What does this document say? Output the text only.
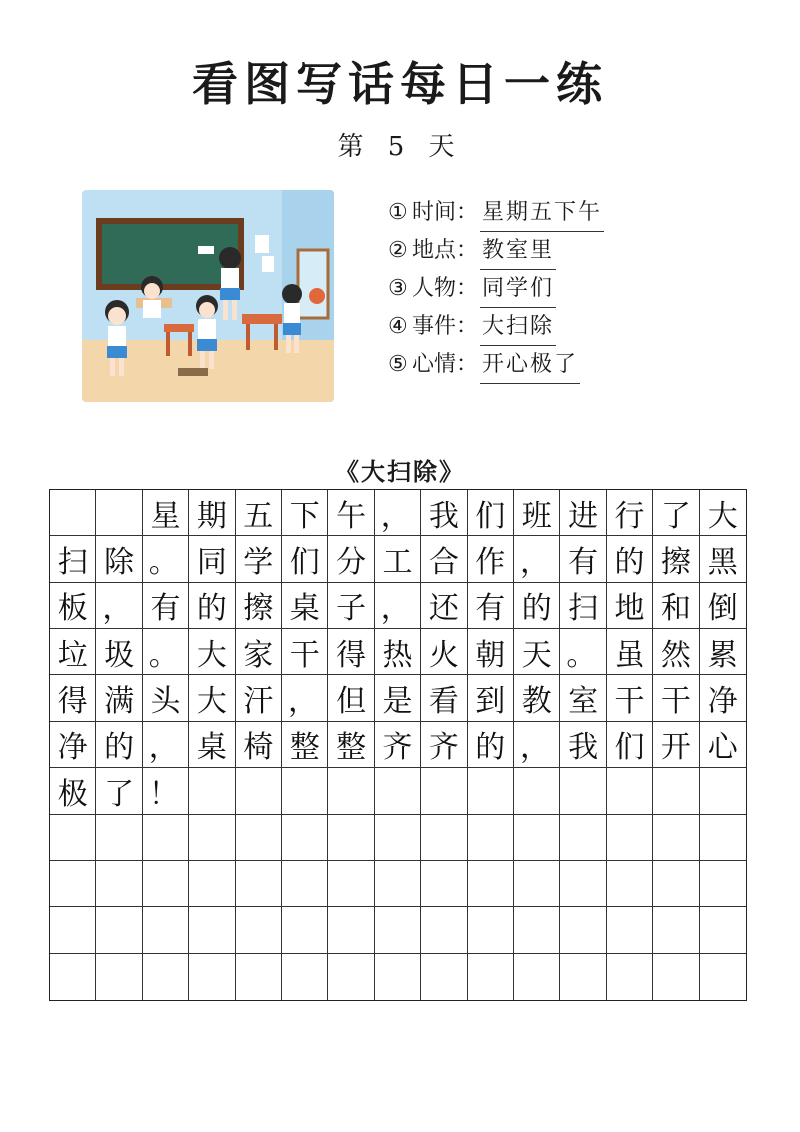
看图写话每日一练
第 5 天
① 时间： 星期五下午
② 地点： 教室里
③ 人物： 同学们
④ 事件： 大扫除
⑤ 心情： 开心极了
《大扫除》
星 期 五 下 午 ， 我 们 班 进 行 了 大
扫 除 。 同 学 们 分 工 合 作 ， 有 的 擦 黑
板 ， 有 的 擦 桌 子 ， 还 有 的 扫 地 和 倒
垃 圾 。 大 家 干 得 热 火 朝 天 。 虽 然 累
得 满 头 大 汗 ， 但 是 看 到 教 室 干 干 净
净 的 ， 桌 椅 整 整 齐 齐 的 ， 我 们 开 心
极 了 ！
